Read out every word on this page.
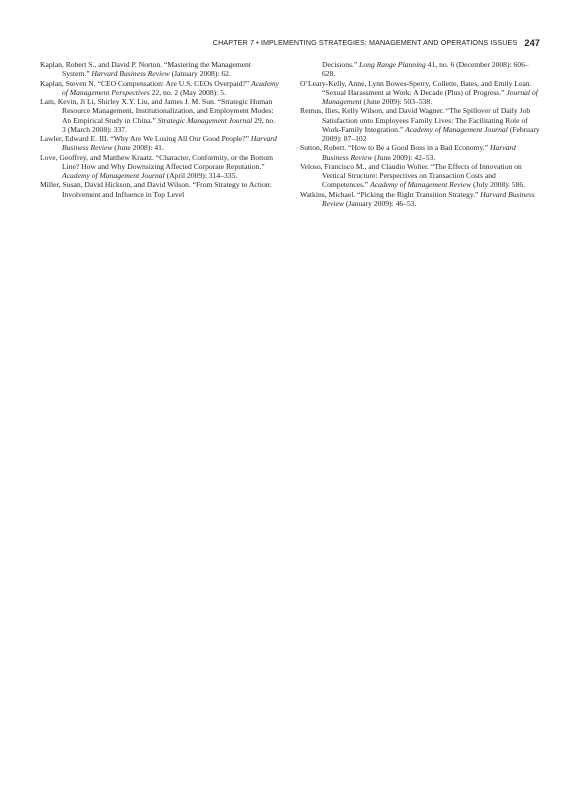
CHAPTER 7 • IMPLEMENTING STRATEGIES: MANAGEMENT AND OPERATIONS ISSUES 247

Kaplan, Robert S., and David P. Norton. “Mastering the Management System.” Harvard Business Review (January 2008): 62.

Kaplan, Steven N. “CEO Compensation: Are U.S. CEOs Overpaid?” Academy of Management Perspectives 22, no. 2 (May 2008): 5.

Lam, Kevin, Ji Li, Shirley X.Y. Liu, and James J. M. Sun. “Strategic Human Resource Management, Institutionalization, and Employment Modes: An Empirical Study in China.” Strategic Management Journal 29, no. 3 (March 2008): 337.

Lawler, Edward E. III. “Why Are We Losing All Our Good People?” Harvard Business Review (June 2008): 41.

Love, Geoffrey, and Matthew Kraatz. “Character, Conformity, or the Bottom Line? How and Why Downsizing Affected Corporate Reputation.” Academy of Management Journal (April 2009): 314–335.

Miller, Susan, David Hickson, and David Wilson. “From Strategy to Action: Involvement and Influence in Top Level

Decisions.” Long Range Planning 41, no. 6 (December 2008): 606–628.

O’Leary-Kelly, Anne, Lynn Bowes-Sperry, Collette, Bates, and Emily Lean. “Sexual Harassment at Work: A Decade (Plus) of Progress.” Journal of Management (June 2009): 503–538.

Remus, Ilies, Kelly Wilson, and David Wagner. “The Spillover of Daily Job Satisfaction onto Employees Family Lives: The Facilitating Role of Work-Family Integration.” Academy of Management Journal (February 2009): 87–102

Sutton, Robert. “How to Be a Good Boss in a Bad Economy.” Harvard Business Review (June 2009): 42–53.

Veloso, Francisco M., and Claudio Wolter. “The Effects of Innovation on Vertical Structure: Perspectives on Transaction Costs and Competences.” Academy of Management Review (July 2008): 586.

Watkins, Michael. “Picking the Right Transition Strategy.” Harvard Business Review (January 2009): 46–53.
